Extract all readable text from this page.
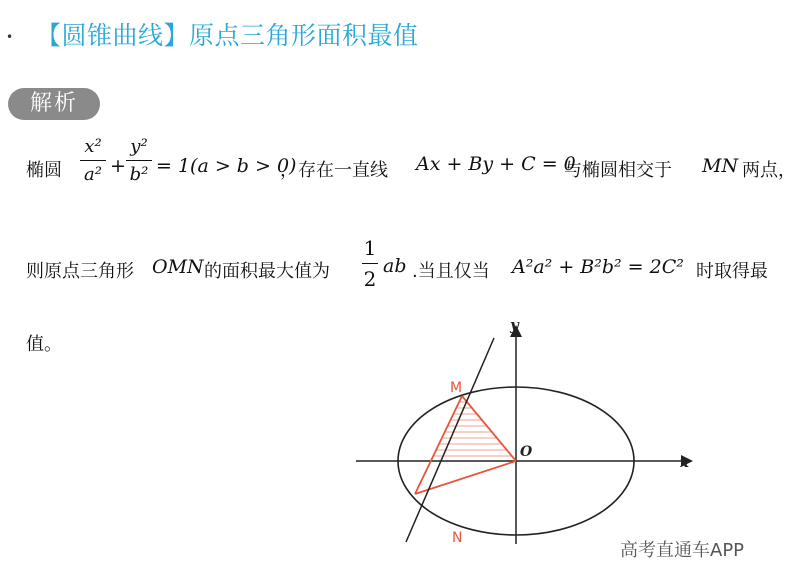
• 【圆锥曲线】原点三角形面积最值
解析
椭圆
x²
a² +
y²
b² = 1(a > b > 0)
，存在一直线 Ax + By + C = 0
与椭圆相交于 MN 两点，
则原点三角形 OMN 的面积最大值为
1
2
ab .当且仅当 A²a² + B²b² = 2C² 时取得最
值。
x
y
O
M
N
高考直通车APP
